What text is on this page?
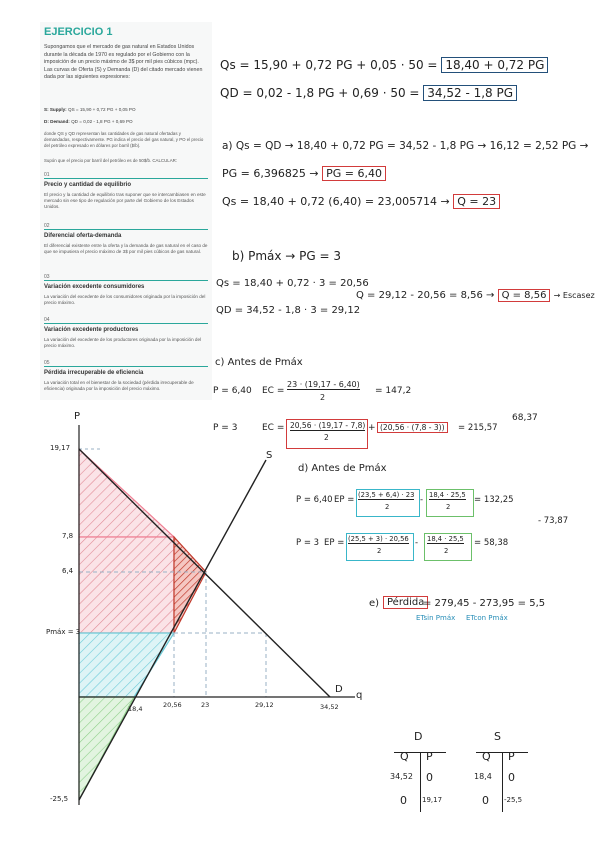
EJERCICIO 1
Supongamos que el mercado de gas natural en Estados Unidos durante la década de 1970 es regulado por el Gobierno con la imposición de un precio máximo de 3$ por mil pies cúbicos (mpc). Las curvas de Oferta (S) y Demanda (D) del citado mercado vienen dada por las siguientes expresiones:
S: Supply: QS = 15,90 + 0,72 PG + 0,05 PO
D: Demand: QD = 0,02 - 1,8 PG + 0,69 PO
donde QS y QD representan las cantidades de gas natural ofertadas y demandadas, respectivamente. PG indica el precio del gas natural, y PO el precio del petróleo expresado en dólares por barril ($/b).
Supón que el precio por barril del petróleo es de 50$/b. CALCULAR:
01
Precio y cantidad de equilibrio
El precio y la cantidad de equilibrio tras suponer que se intercambiasen en este mercado sin ese tipo de regulación por parte del Gobierno de los Estados Unidos.
02
Diferencial oferta-demanda
El diferencial existente entre la oferta y la demanda de gas natural en el caso de que se impusiera el precio máximo de 3$ por mil pies cúbicos de gas natural.
03
Variación excedente consumidores
La variación del excedente de los consumidores originada por la imposición del precio máximo.
04
Variación excedente productores
La variación del excedente de los productores originada por la imposición del precio máximo.
05
Pérdida irrecuperable de eficiencia
La variación total en el bienestar de la sociedad (pérdida irrecuperable de eficiencia) originada por la imposición del precio máximo.
Qs = 15,90 + 0,72 PG + 0,05 · 50 = 18,40 + 0,72 PG
QD = 0,02 - 1,8 PG + 0,69 · 50 = 34,52 - 1,8 PG
a) Qs = QD → 18,40 + 0,72 PG = 34,52 - 1,8 PG → 16,12 = 2,52 PG →
PG = 6,396825 → PG = 6,40
Qs = 18,40 + 0,72 (6,40) = 23,005714 → Q = 23
b) Pmáx → PG = 3
Qs = 18,40 + 0,72 · 3 = 20,56
QD = 34,52 - 1,8 · 3 = 29,12
Q = 29,12 - 20,56 = 8,56 → Q = 8,56 → Escasez
c) Antes de Pmáx
P = 6,40 EC =
23 · (19,17 - 6,40)
2
= 147,2
P = 3	EC = 20,56 · (19,17 - 7,8)
2
+ (20,56 · (7,8 - 3))	= 215,57
68,37
d) Antes de Pmáx
P = 6,40 EP = (23,5 + 6,4) · 23
2
- 18,4 · 25,5
2
= 132,25
P = 3 EP = (25,5 + 3) · 20,56
2
- 18,4 · 25,5
2
= 58,38
- 73,87
e) Pérdida
= 279,45 - 273,95 = 5,5
ETsin Pmáx ETcon Pmáx
P
q
S
D
19,17
7,8
6,4
Pmáx = 3
-25,5
18,4	20,56	23	29,12	34,52
D
Q P
34,52 0
0 19,17
S
Q P
18,4 0
0 -25,5
